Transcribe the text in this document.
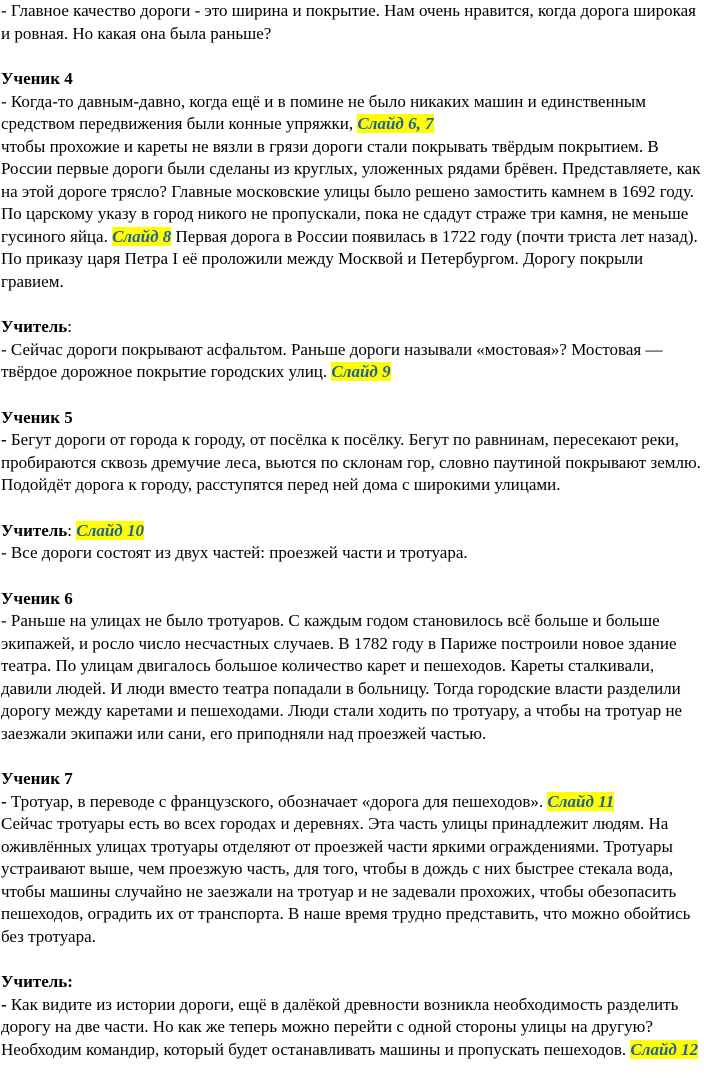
- Главное качество дороги - это ширина и покрытие. Нам очень нравится, когда дорога широкая и ровная. Но какая она была раньше?

Ученик 4

- Когда-то давным-давно, когда ещё и в помине не было никаких машин и единственным средством передвижения были конные упряжки, Слайд 6, 7
чтобы прохожие и кареты не вязли в грязи дороги стали покрывать твёрдым покрытием. В России первые дороги были сделаны из круглых, уложенных рядами брёвен. Представляете, как на этой дороге трясло? Главные московские улицы было решено замостить камнем в 1692 году. По царскому указу в город никого не пропускали, пока не сдадут страже три камня, не меньше гусиного яйца. Слайд 8 Первая дорога в России появилась в 1722 году (почти триста лет назад). По приказу царя Петра I её проложили между Москвой и Петербургом. Дорогу покрыли гравием.

Учитель:

- Сейчас дороги покрывают асфальтом. Раньше дороги называли «мостовая»? Мостовая — твёрдое дорожное покрытие городских улиц. Слайд 9

Ученик 5

- Бегут дороги от города к городу, от посёлка к посёлку. Бегут по равнинам, пересекают реки, пробираются сквозь дремучие леса, вьются по склонам гор, словно паутиной покрывают землю. Подойдёт дорога к городу, расступятся перед ней дома с широкими улицами.

Учитель: Слайд 10

- Все дороги состоят из двух частей: проезжей части и тротуара.

Ученик 6

- Раньше на улицах не было тротуаров. С каждым годом становилось всё больше и больше экипажей, и росло число несчастных случаев. В 1782 году в Париже построили новое здание театра. По улицам двигалось большое количество карет и пешеходов. Кареты сталкивали, давили людей. И люди вместо театра попадали в больницу. Тогда городские власти разделили дорогу между каретами и пешеходами. Люди стали ходить по тротуару, а чтобы на тротуар не заезжали экипажи или сани, его приподняли над проезжей частью.

Ученик 7

- Тротуар, в переводе с французского, обозначает «дорога для пешеходов». Слайд 11
Сейчас тротуары есть во всех городах и деревнях. Эта часть улицы принадлежит людям. На оживлённых улицах тротуары отделяют от проезжей части яркими ограждениями. Тротуары устраивают выше, чем проезжую часть, для того, чтобы в дождь с них быстрее стекала вода, чтобы машины случайно не заезжали на тротуар и не задевали прохожих, чтобы обезопасить пешеходов, оградить их от транспорта. В наше время трудно представить, что можно обойтись без тротуара.

Учитель:

- Как видите из истории дороги, ещё в далёкой древности возникла необходимость разделить дорогу на две части. Но как же теперь можно перейти с одной стороны улицы на другую? Необходим командир, который будет останавливать машины и пропускать пешеходов. Слайд 12
